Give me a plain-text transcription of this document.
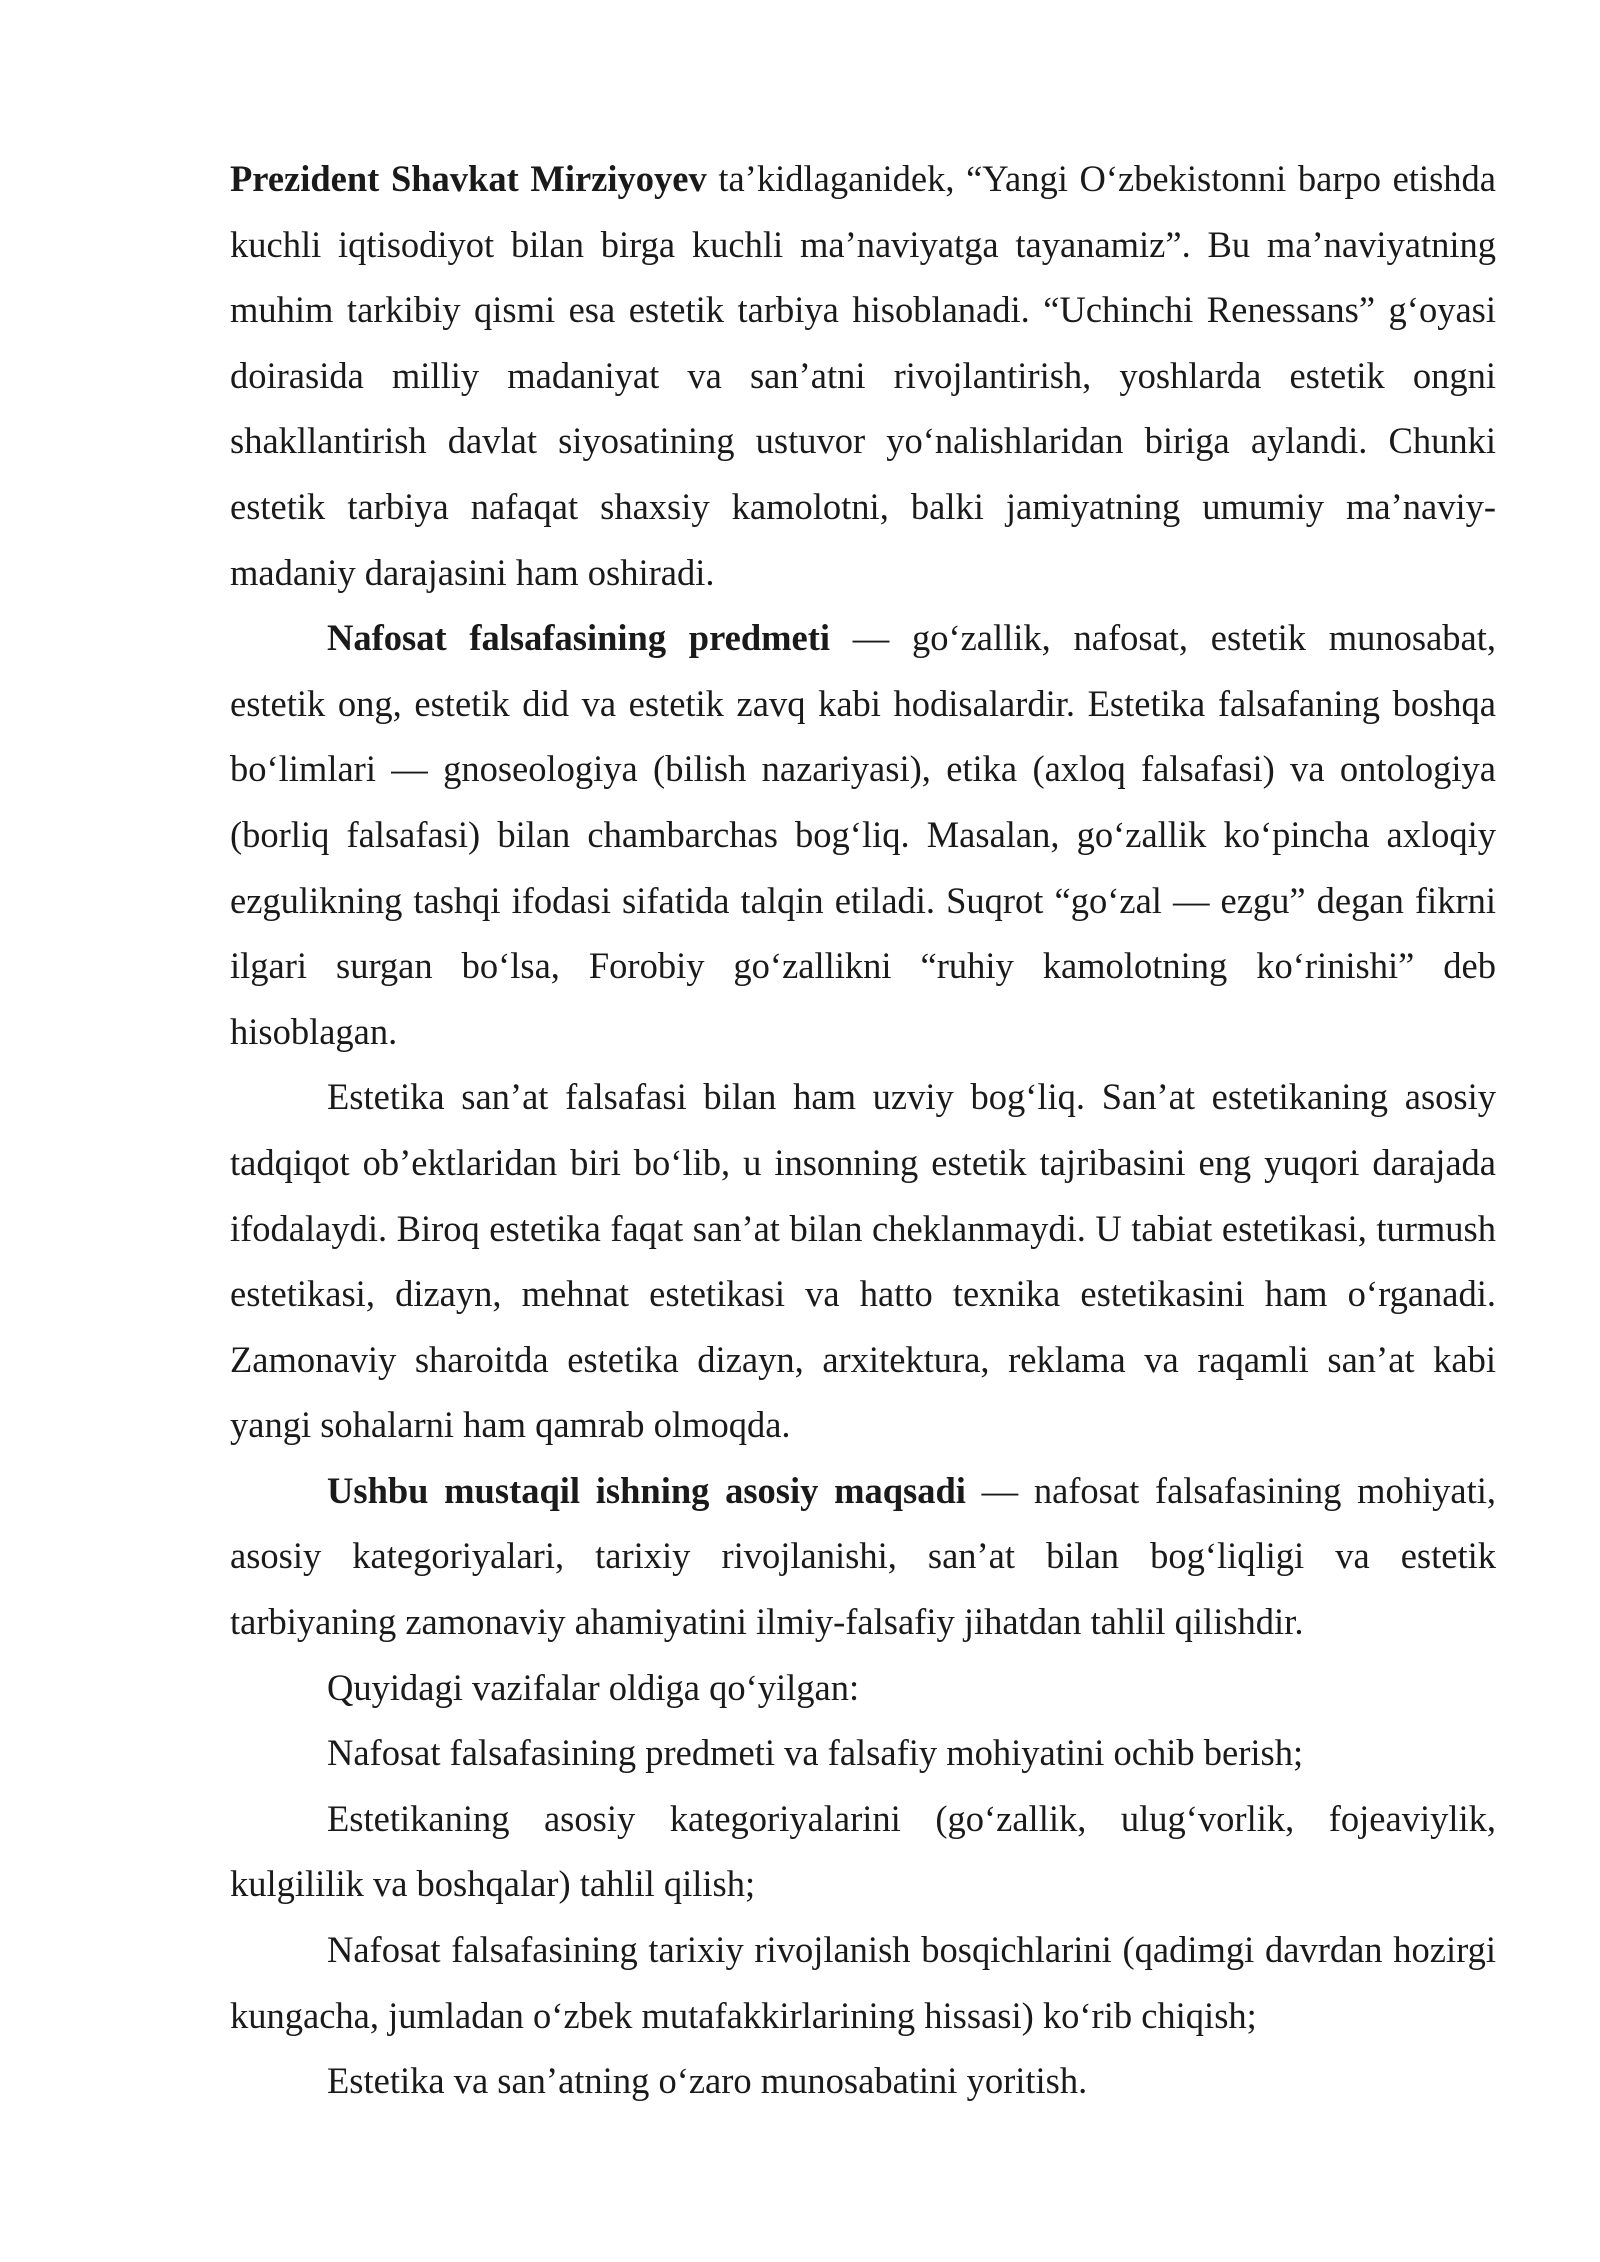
Prezident Shavkat Mirziyoyev ta’kidlaganidek, “Yangi O‘zbekistonni barpo etishda kuchli iqtisodiyot bilan birga kuchli ma’naviyatga tayanamiz”. Bu ma’naviyatning muhim tarkibiy qismi esa estetik tarbiya hisoblanadi. “Uchinchi Renessans” g‘oyasi doirasida milliy madaniyat va san’atni rivojlantirish, yoshlarda estetik ongni shakllantirish davlat siyosatining ustuvor yo‘nalishlaridan biriga aylandi. Chunki estetik tarbiya nafaqat shaxsiy kamolotni, balki jamiyatning umumiy ma’naviy-madaniy darajasini ham oshiradi.

Nafosat falsafasining predmeti — go‘zallik, nafosat, estetik munosabat, estetik ong, estetik did va estetik zavq kabi hodisalardir. Estetika falsafaning boshqa bo‘limlari — gnoseologiya (bilish nazariyasi), etika (axloq falsafasi) va ontologiya (borliq falsafasi) bilan chambarchas bog‘liq. Masalan, go‘zallik ko‘pincha axloqiy ezgulikning tashqi ifodasi sifatida talqin etiladi. Suqrot “go‘zal — ezgu” degan fikrni ilgari surgan bo‘lsa, Forobiy go‘zallikni “ruhiy kamolotning ko‘rinishi” deb hisoblagan.

Estetika san’at falsafasi bilan ham uzviy bog‘liq. San’at estetikaning asosiy tadqiqot ob’ektlaridan biri bo‘lib, u insonning estetik tajribasini eng yuqori darajada ifodalaydi. Biroq estetika faqat san’at bilan cheklanmaydi. U tabiat estetikasi, turmush estetikasi, dizayn, mehnat estetikasi va hatto texnika estetikasini ham o‘rganadi. Zamonaviy sharoitda estetika dizayn, arxitektura, reklama va raqamli san’at kabi yangi sohalarni ham qamrab olmoqda.

Ushbu mustaqil ishning asosiy maqsadi — nafosat falsafasining mohiyati, asosiy kategoriyalari, tarixiy rivojlanishi, san’at bilan bog‘liqligi va estetik tarbiyaning zamonaviy ahamiyatini ilmiy-falsafiy jihatdan tahlil qilishdir.

Quyidagi vazifalar oldiga qo‘yilgan:

Nafosat falsafasining predmeti va falsafiy mohiyatini ochib berish;

Estetikaning asosiy kategoriyalarini (go‘zallik, ulug‘vorlik, fojeaviylik, kulgililik va boshqalar) tahlil qilish;

Nafosat falsafasining tarixiy rivojlanish bosqichlarini (qadimgi davrdan hozirgi kungacha, jumladan o‘zbek mutafakkirlarining hissasi) ko‘rib chiqish;

Estetika va san’atning o‘zaro munosabatini yoritish.
